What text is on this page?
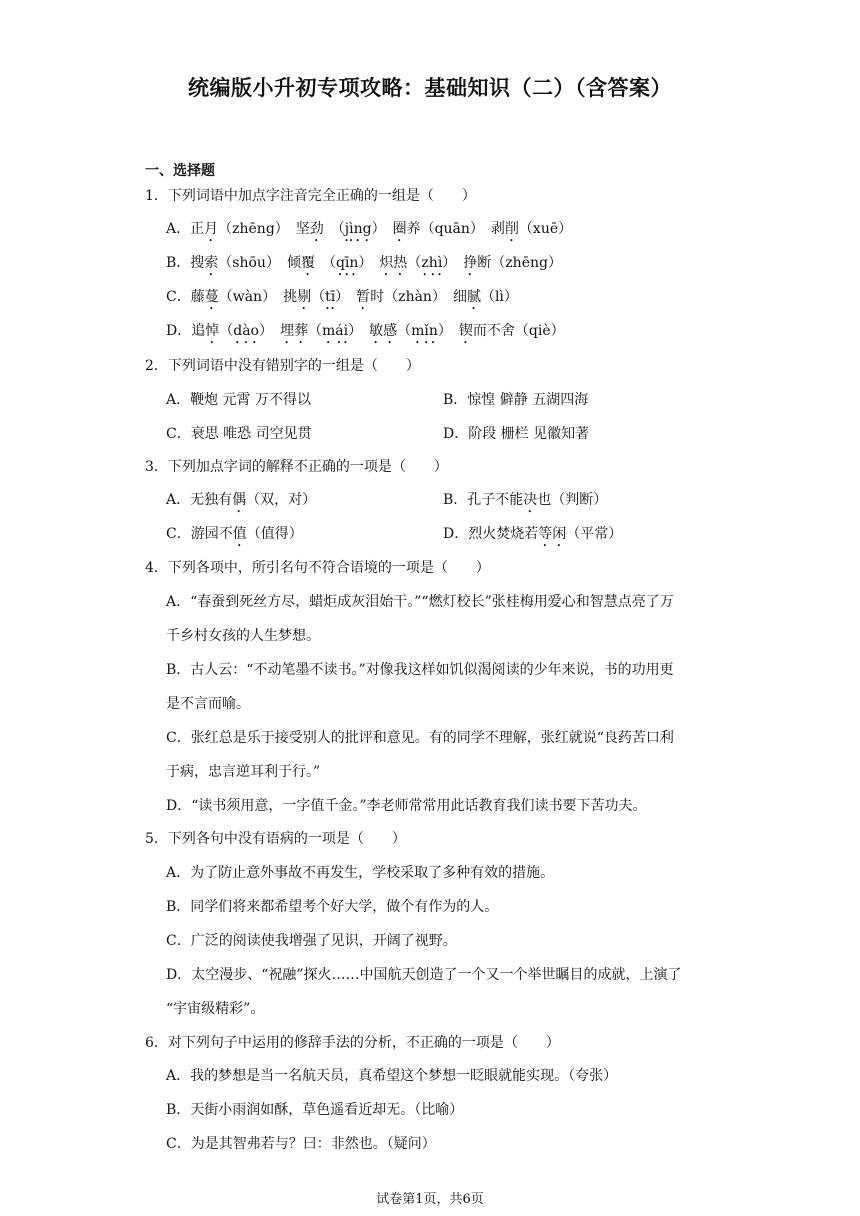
统编版小升初专项攻略：基础知识（二）（含答案）
一、选择题
1．下列词语中加点字注音完全正确的一组是（　　）
A．正月（zhēng）　坚劲　（jìng）　圈养（quān）　剥削（xuē）
B．搜索（shōu）　倾覆　（qīn）　炽热（zhì）　挣断（zhēng）
C．藤蔓（wàn）　挑剔（tī）　暂时（zhàn）　细腻（lì）
D．追悼（dào）　埋葬（mái）　敏感（mǐn）　锲而不舍（qiè）
2．下列词语中没有错别字的一组是（　　）
A．鞭炮 元霄 万不得以	B．惊惶 僻静 五湖四海
C．衰思 唯恐 司空见贯	D．阶段 栅栏 见徽知著
3．下列加点字词的解释不正确的一项是（　　）
A．无独有偶（双，对）	B．孔子不能决也（判断）
C．游园不值（值得）	D．烈火焚烧若等闲（平常）
4．下列各项中，所引名句不符合语境的一项是（　　）
A．“春蚕到死丝方尽，蜡炬成灰泪始干。”“燃灯校长”张桂梅用爱心和智慧点亮了万
千乡村女孩的人生梦想。
B．古人云：“不动笔墨不读书。”对像我这样如饥似渴阅读的少年来说，书的功用更
是不言而喻。
C．张红总是乐于接受别人的批评和意见。有的同学不理解，张红就说“良药苦口利
于病，忠言逆耳利于行。”
D．“读书须用意，一字值千金。”李老师常常用此话教育我们读书要下苦功夫。
5．下列各句中没有语病的一项是（　　）
A．为了防止意外事故不再发生，学校采取了多种有效的措施。
B．同学们将来都希望考个好大学，做个有作为的人。
C．广泛的阅读使我增强了见识，开阔了视野。
D．太空漫步、“祝融”探火……中国航天创造了一个又一个举世瞩目的成就，上演了
“宇宙级精彩”。
6．对下列句子中运用的修辞手法的分析，不正确的一项是（　　）
A．我的梦想是当一名航天员，真希望这个梦想一眨眼就能实现。（夸张）
B．天街小雨润如酥，草色遥看近却无。（比喻）
C．为是其智弗若与？曰：非然也。（疑问）
试卷第1页，共6页
